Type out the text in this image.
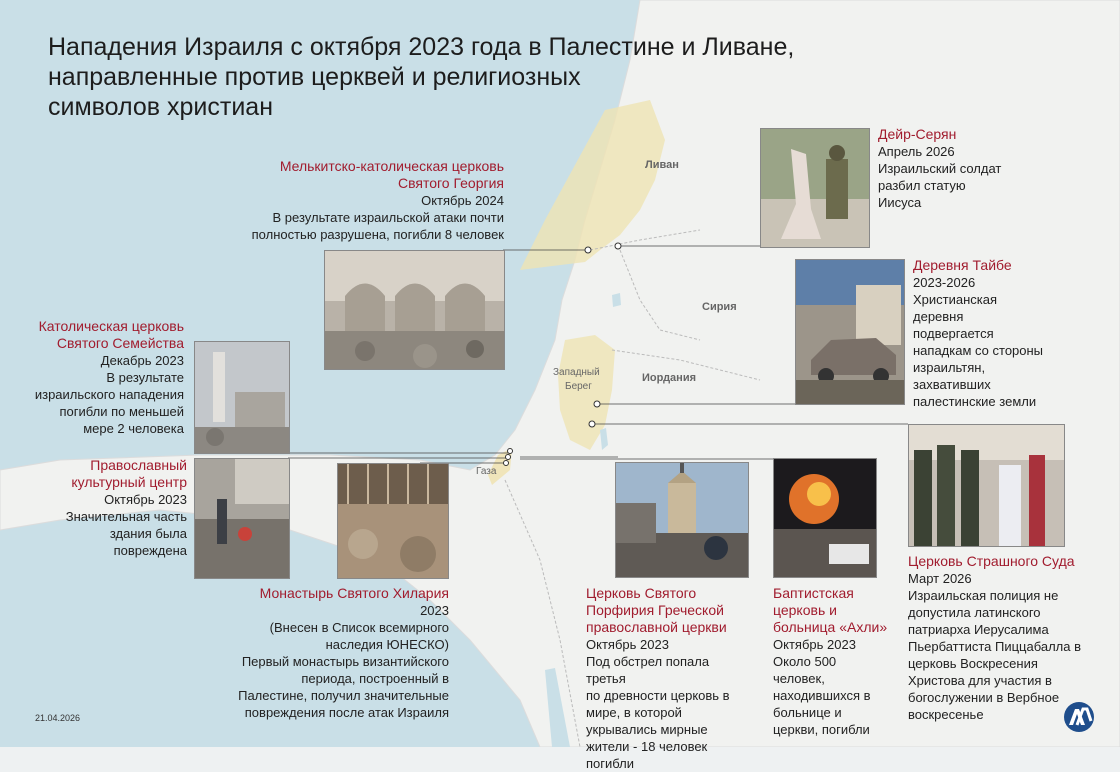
Ливан
Сирия
Иордания
Западный
Берег
Газа
Нападения Израиля с октября 2023 года в Палестине и Ливане,
направленные против церквей и религиозных
символов христиан
Мелькитско-католическая церковь
Святого Георгия
Октябрь 2024
В результате израильской атаки почти
полностью разрушена, погибли 8 человек
Дейр-Серян
Апрель 2026
Израильский солдат
разбил статую
Иисуса
Деревня Тайбе
2023-2026
Христианская
деревня
подвергается
нападкам со стороны
израильтян,
захвативших
палестинские земли
Католическая церковь
Святого Семейства
Декабрь 2023
В результате
израильского нападения
погибли по меньшей
мере 2 человека
Православный
культурный центр
Октябрь 2023
Значительная часть
здания была
повреждена
Монастырь Святого Хилария
2023
(Внесен в Список всемирного
наследия ЮНЕСКО)
Первый монастырь византийского
периода, построенный в
Палестине, получил значительные
повреждения после атак Израиля
Церковь Святого
Порфирия Греческой
православной церкви
Октябрь 2023
Под обстрел попала третья
по древности церковь в
мире, в которой
укрывались мирные
жители - 18 человек
погибли
Баптистская
церковь и
больница «Ахли»
Октябрь 2023
Около 500
человек,
находившихся в
больнице и
церкви, погибли
Церковь Страшного Суда
Март 2026
Израильская полиция не
допустила латинского
патриарха Иерусалима
Пьербаттиста Пиццабалла в
церковь Воскресения
Христова для участия в
богослужении в Вербное
воскресенье
21.04.2026
